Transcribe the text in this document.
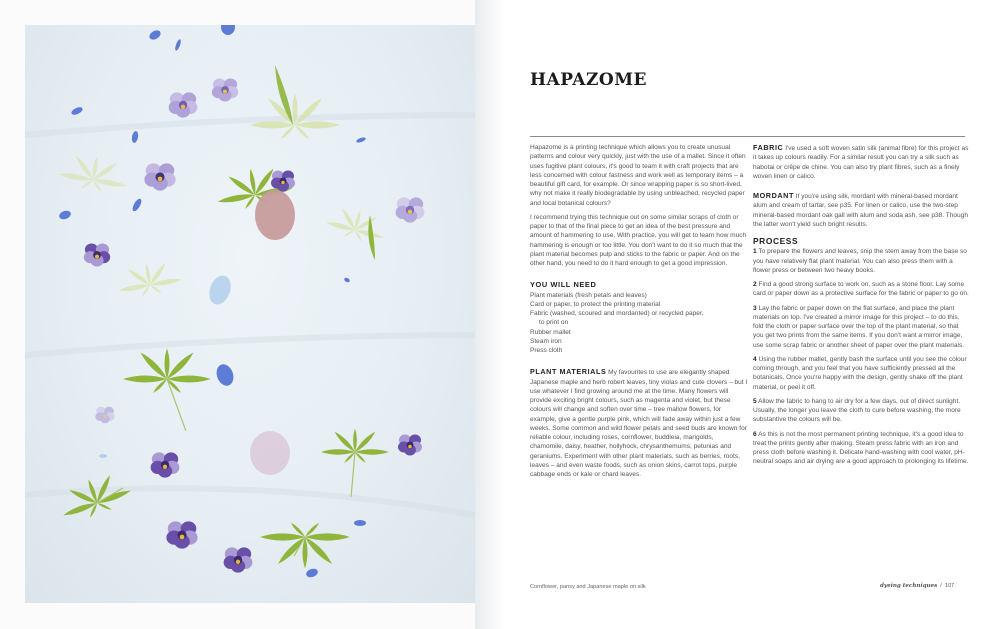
HAPAZOME

Hapazome is a printing technique which allows you to create unusual patterns and colour very quickly, just with the use of a mallet. Since it often uses fugitive plant colours, it's good to team it with craft projects that are less concerned with colour fastness and work well as temporary items – a beautiful gift card, for example. Or since wrapping paper is so short-lived, why not make it really biodegradable by using unbleached, recycled paper and local botanical colours?

I recommend trying this technique out on some similar scraps of cloth or paper to that of the final piece to get an idea of the best pressure and amount of hammering to use. With practice, you will get to learn how much hammering is enough or too little. You don't want to do it so much that the plant material becomes pulp and sticks to the fabric or paper. And on the other hand, you need to do it hard enough to get a good impression.

YOU WILL NEED
Plant materials (fresh petals and leaves)
Card or paper, to protect the printing material
Fabric (washed, scoured and mordanted) or recycled paper,
to print on
Rubber mallet
Steam iron
Press cloth

PLANT MATERIALS My favourites to use are elegantly shaped Japanese maple and herb robert leaves, tiny violas and cute clovers – but I use whatever I find growing around me at the time. Many flowers will provide exciting bright colours, such as magenta and violet, but these colours will change and soften over time – tree mallow flowers, for example, give a gentle purple pink, which will fade away within just a few weeks. Some common and wild flower petals and seed buds are known for reliable colour, including roses, cornflower, buddleia, marigolds, chamomile, daisy, heather, hollyhock, chrysanthemums, petunias and geraniums. Experiment with other plant materials, such as berries, roots, leaves – and even waste foods, such as onion skins, carrot tops, purple cabbage ends or kale or chard leaves.

FABRIC I've used a soft woven satin silk (animal fibre) for this project as it takes up colours readily. For a similar result you can try a silk such as habotai or crêpe de chine. You can also try plant fibres, such as a finely woven linen or calico.

MORDANT If you're using silk, mordant with mineral-based mordant alum and cream of tartar, see p35. For linen or calico, use the two-step mineral-based mordant oak gall with alum and soda ash, see p38. Though the latter won't yield such bright results.

PROCESS

1 To prepare the flowers and leaves, snip the stem away from the base so you have relatively flat plant material. You can also press them with a flower press or between two heavy books.

2 Find a good strong surface to work on, such as a stone floor. Lay some card or paper down as a protective surface for the fabric or paper to go on.

3 Lay the fabric or paper down on the flat surface, and place the plant materials on top. I've created a mirror image for this project – to do this, fold the cloth or paper surface over the top of the plant material, so that you get two prints from the same items. If you don't want a mirror image, use some scrap fabric or another sheet of paper over the plant materials.

4 Using the rubber mallet, gently bash the surface until you see the colour coming through, and you feel that you have sufficiently pressed all the botanicals. Once you're happy with the design, gently shake off the plant material, or peel it off.

5 Allow the fabric to hang to air dry for a few days, out of direct sunlight. Usually, the longer you leave the cloth to cure before washing, the more substantive the colours will be.

6 As this is not the most permanent printing technique, it's a good idea to treat the prints gently after making. Steam press fabric with an iron and press cloth before washing it. Delicate hand-washing with cool water, pH-neutral soaps and air drying are a good approach to prolonging its lifetime.

Cornflower, pansy and Japanese maple on silk	dyeing techniques / 107
